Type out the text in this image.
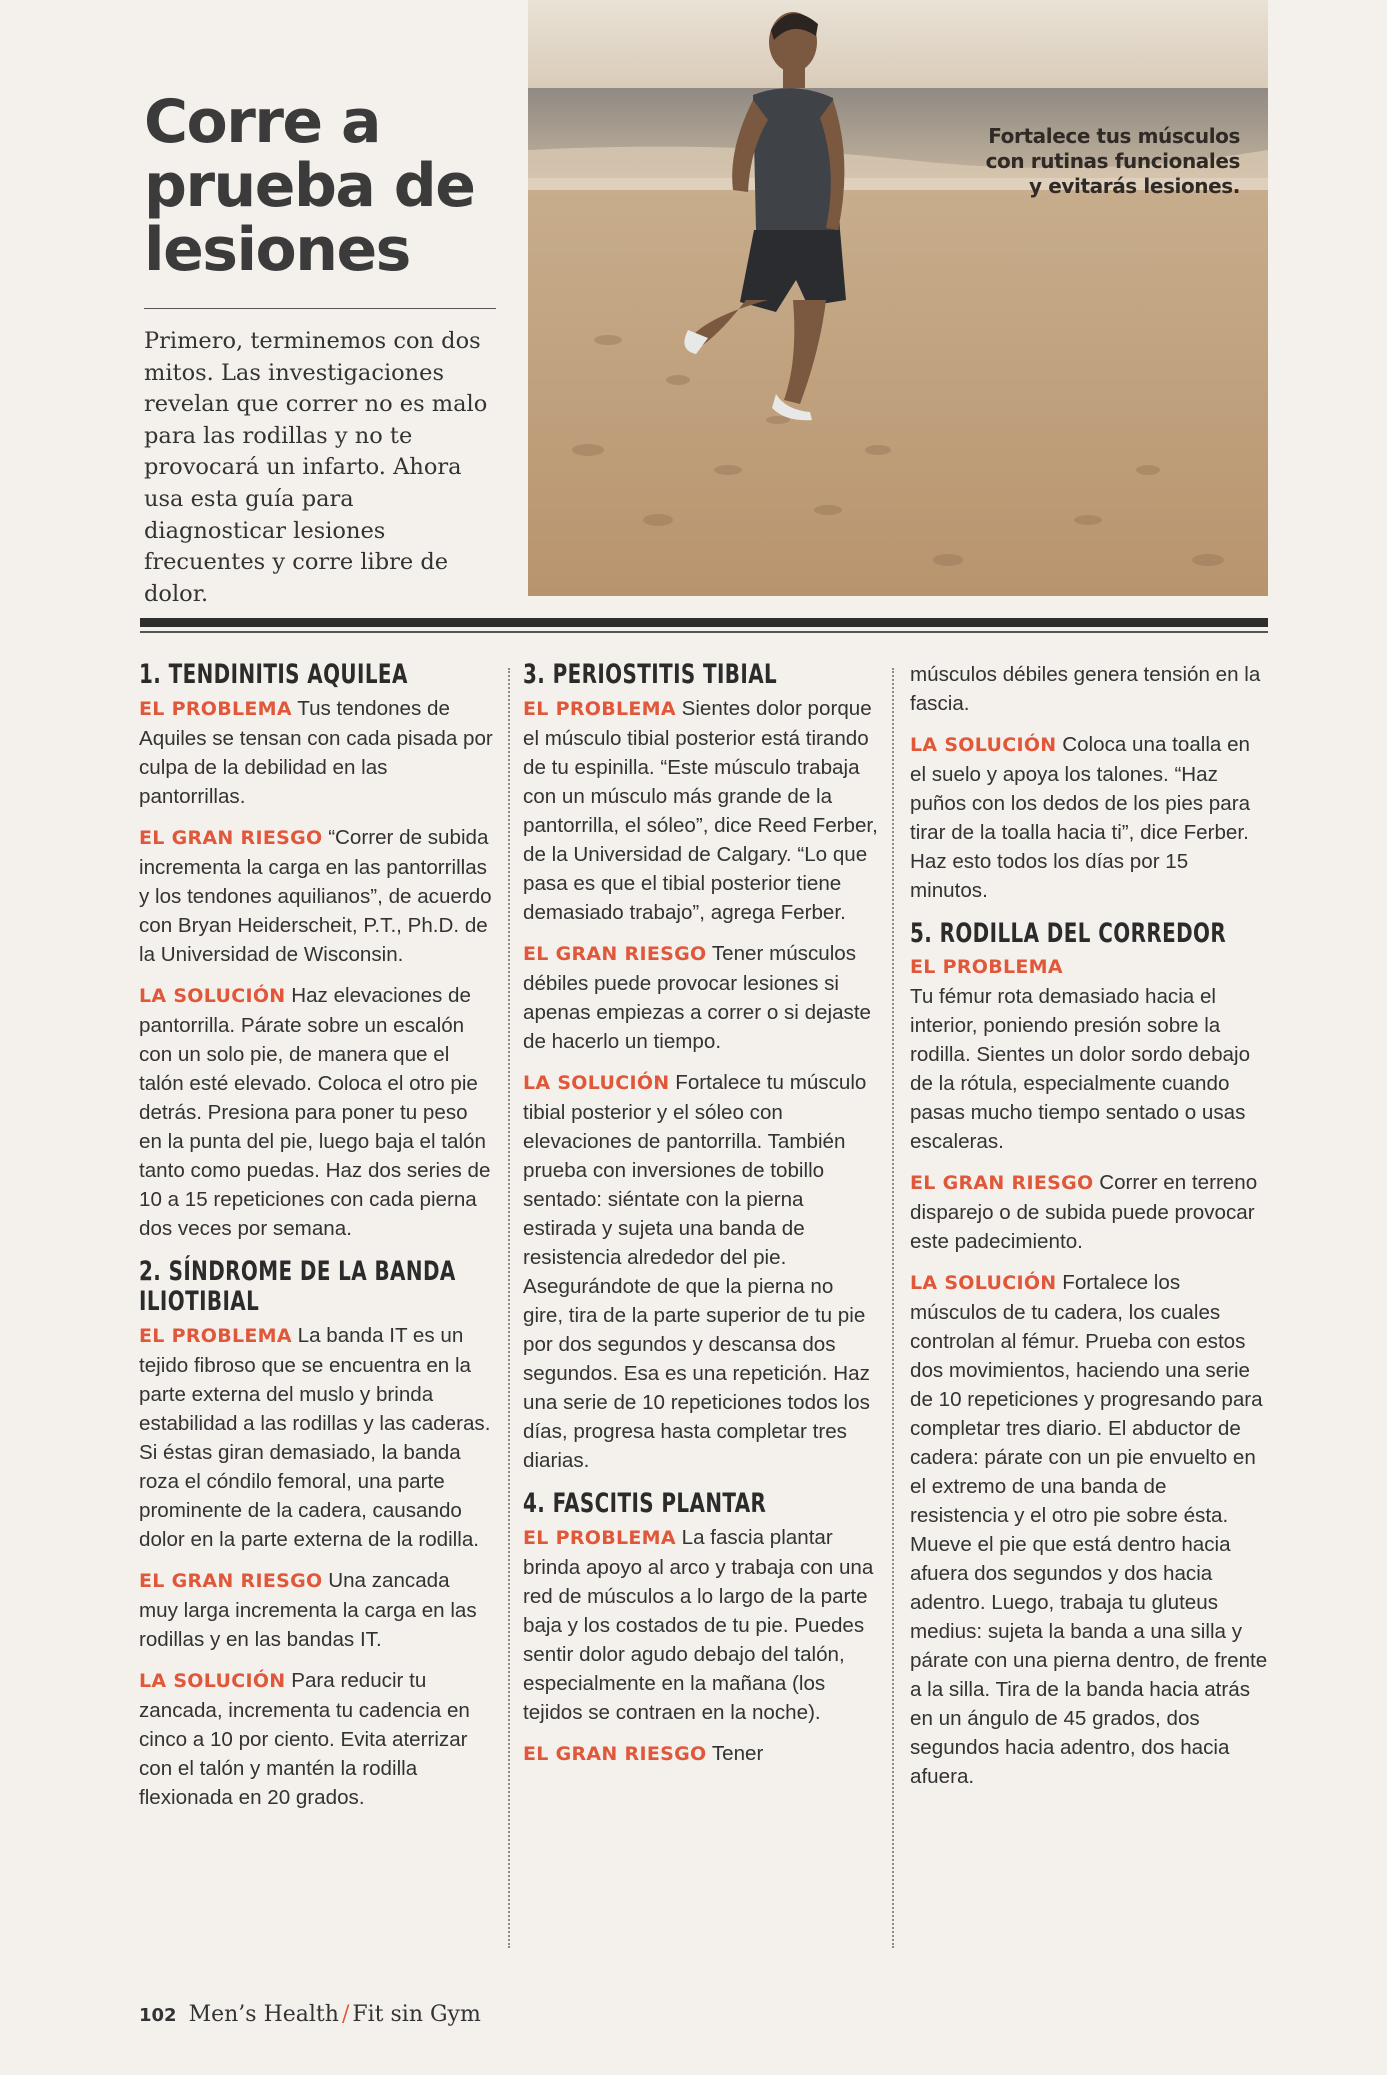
Corre a
prueba de
lesiones

Primero, terminemos con dos mitos. Las investigaciones revelan que correr no es malo para las rodillas y no te provocará un infarto. Ahora usa esta guía para diagnosticar lesiones frecuentes y corre libre de dolor.

Fortalece tus músculos con rutinas funcionales y evitarás lesiones.
1. TENDINITIS AQUILEA

EL PROBLEMA Tus tendones de Aquiles se tensan con cada pisada por culpa de la debilidad en las pantorrillas.

EL GRAN RIESGO “Correr de subida incrementa la carga en las pantorrillas y los tendones aquilianos”, de acuerdo con Bryan Heiderscheit, P.T., Ph.D. de la Universidad de Wisconsin.

LA SOLUCIÓN Haz elevaciones de pantorrilla. Párate sobre un escalón con un solo pie, de manera que el talón esté elevado. Coloca el otro pie detrás. Presiona para poner tu peso en la punta del pie, luego baja el talón tanto como puedas. Haz dos series de 10 a 15 repeticiones con cada pierna dos veces por semana.

2. SÍNDROME DE LA BANDA ILIOTIBIAL

EL PROBLEMA La banda IT es un tejido fibroso que se encuentra en la parte externa del muslo y brinda estabilidad a las rodillas y las caderas. Si éstas giran demasiado, la banda roza el cóndilo femoral, una parte prominente de la cadera, causando dolor en la parte externa de la rodilla.

EL GRAN RIESGO Una zancada muy larga incrementa la carga en las rodillas y en las bandas IT.

LA SOLUCIÓN Para reducir tu zancada, incrementa tu cadencia en cinco a 10 por ciento. Evita aterrizar con el talón y mantén la rodilla flexionada en 20 grados.

3. PERIOSTITIS TIBIAL

EL PROBLEMA Sientes dolor porque el músculo tibial posterior está tirando de tu espinilla. “Este músculo trabaja con un músculo más grande de la pantorrilla, el sóleo”, dice Reed Ferber, de la Universidad de Calgary. “Lo que pasa es que el tibial posterior tiene demasiado trabajo”, agrega Ferber.

EL GRAN RIESGO Tener músculos débiles puede provocar lesiones si apenas empiezas a correr o si dejaste de hacerlo un tiempo.

LA SOLUCIÓN Fortalece tu músculo tibial posterior y el sóleo con elevaciones de pantorrilla. También prueba con inversiones de tobillo sentado: siéntate con la pierna estirada y sujeta una banda de resistencia alrededor del pie. Asegurándote de que la pierna no gire, tira de la parte superior de tu pie por dos segundos y descansa dos segundos. Esa es una repetición. Haz una serie de 10 repeticiones todos los días, progresa hasta completar tres diarias.

4. FASCITIS PLANTAR

EL PROBLEMA La fascia plantar brinda apoyo al arco y trabaja con una red de músculos a lo largo de la parte baja y los costados de tu pie. Puedes sentir dolor agudo debajo del talón, especialmente en la mañana (los tejidos se contraen en la noche).

EL GRAN RIESGO Tener

músculos débiles genera tensión en la fascia.

LA SOLUCIÓN Coloca una toalla en el suelo y apoya los talones. “Haz puños con los dedos de los pies para tirar de la toalla hacia ti”, dice Ferber. Haz esto todos los días por 15 minutos.

5. RODILLA DEL CORREDOR

EL PROBLEMA
Tu fémur rota demasiado hacia el interior, poniendo presión sobre la rodilla. Sientes un dolor sordo debajo de la rótula, especialmente cuando pasas mucho tiempo sentado o usas escaleras.

EL GRAN RIESGO Correr en terreno disparejo o de subida puede provocar este padecimiento.

LA SOLUCIÓN Fortalece los músculos de tu cadera, los cuales controlan al fémur. Prueba con estos dos movimientos, haciendo una serie de 10 repeticiones y progresando para completar tres diario. El abductor de cadera: párate con un pie envuelto en el extremo de una banda de resistencia y el otro pie sobre ésta. Mueve el pie que está dentro hacia afuera dos segundos y dos hacia adentro. Luego, trabaja tu gluteus medius: sujeta la banda a una silla y párate con una pierna dentro, de frente a la silla. Tira de la banda hacia atrás en un ángulo de 45 grados, dos segundos hacia adentro, dos hacia afuera.

102 Men’s Health / Fit sin Gym
